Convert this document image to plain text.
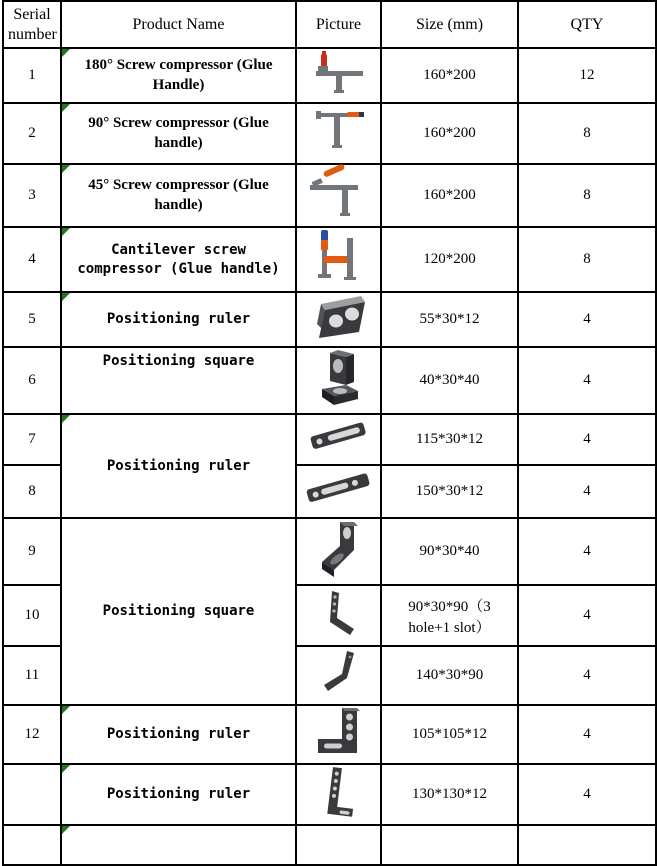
Serial number	Product Name	Picture	Size (mm)	QTY
1	180° Screw compressor (Glue Handle)		160*200	12
2	90° Screw compressor (Glue handle)		160*200	8
3	45° Screw compressor (Glue handle)		160*200	8
4	Cantilever screw compressor (Glue handle)		120*200	8
5	Positioning ruler		55*30*12	4
6	Positioning square		40*30*40	4
7	Positioning ruler		115*30*12	4
8			150*30*12	4
9	Positioning square		90*30*40	4
10			90*30*90（3 hole+1 slot）	4
11			140*30*90	4
12	Positioning ruler		105*105*12	4
	Positioning ruler		130*130*12	4
